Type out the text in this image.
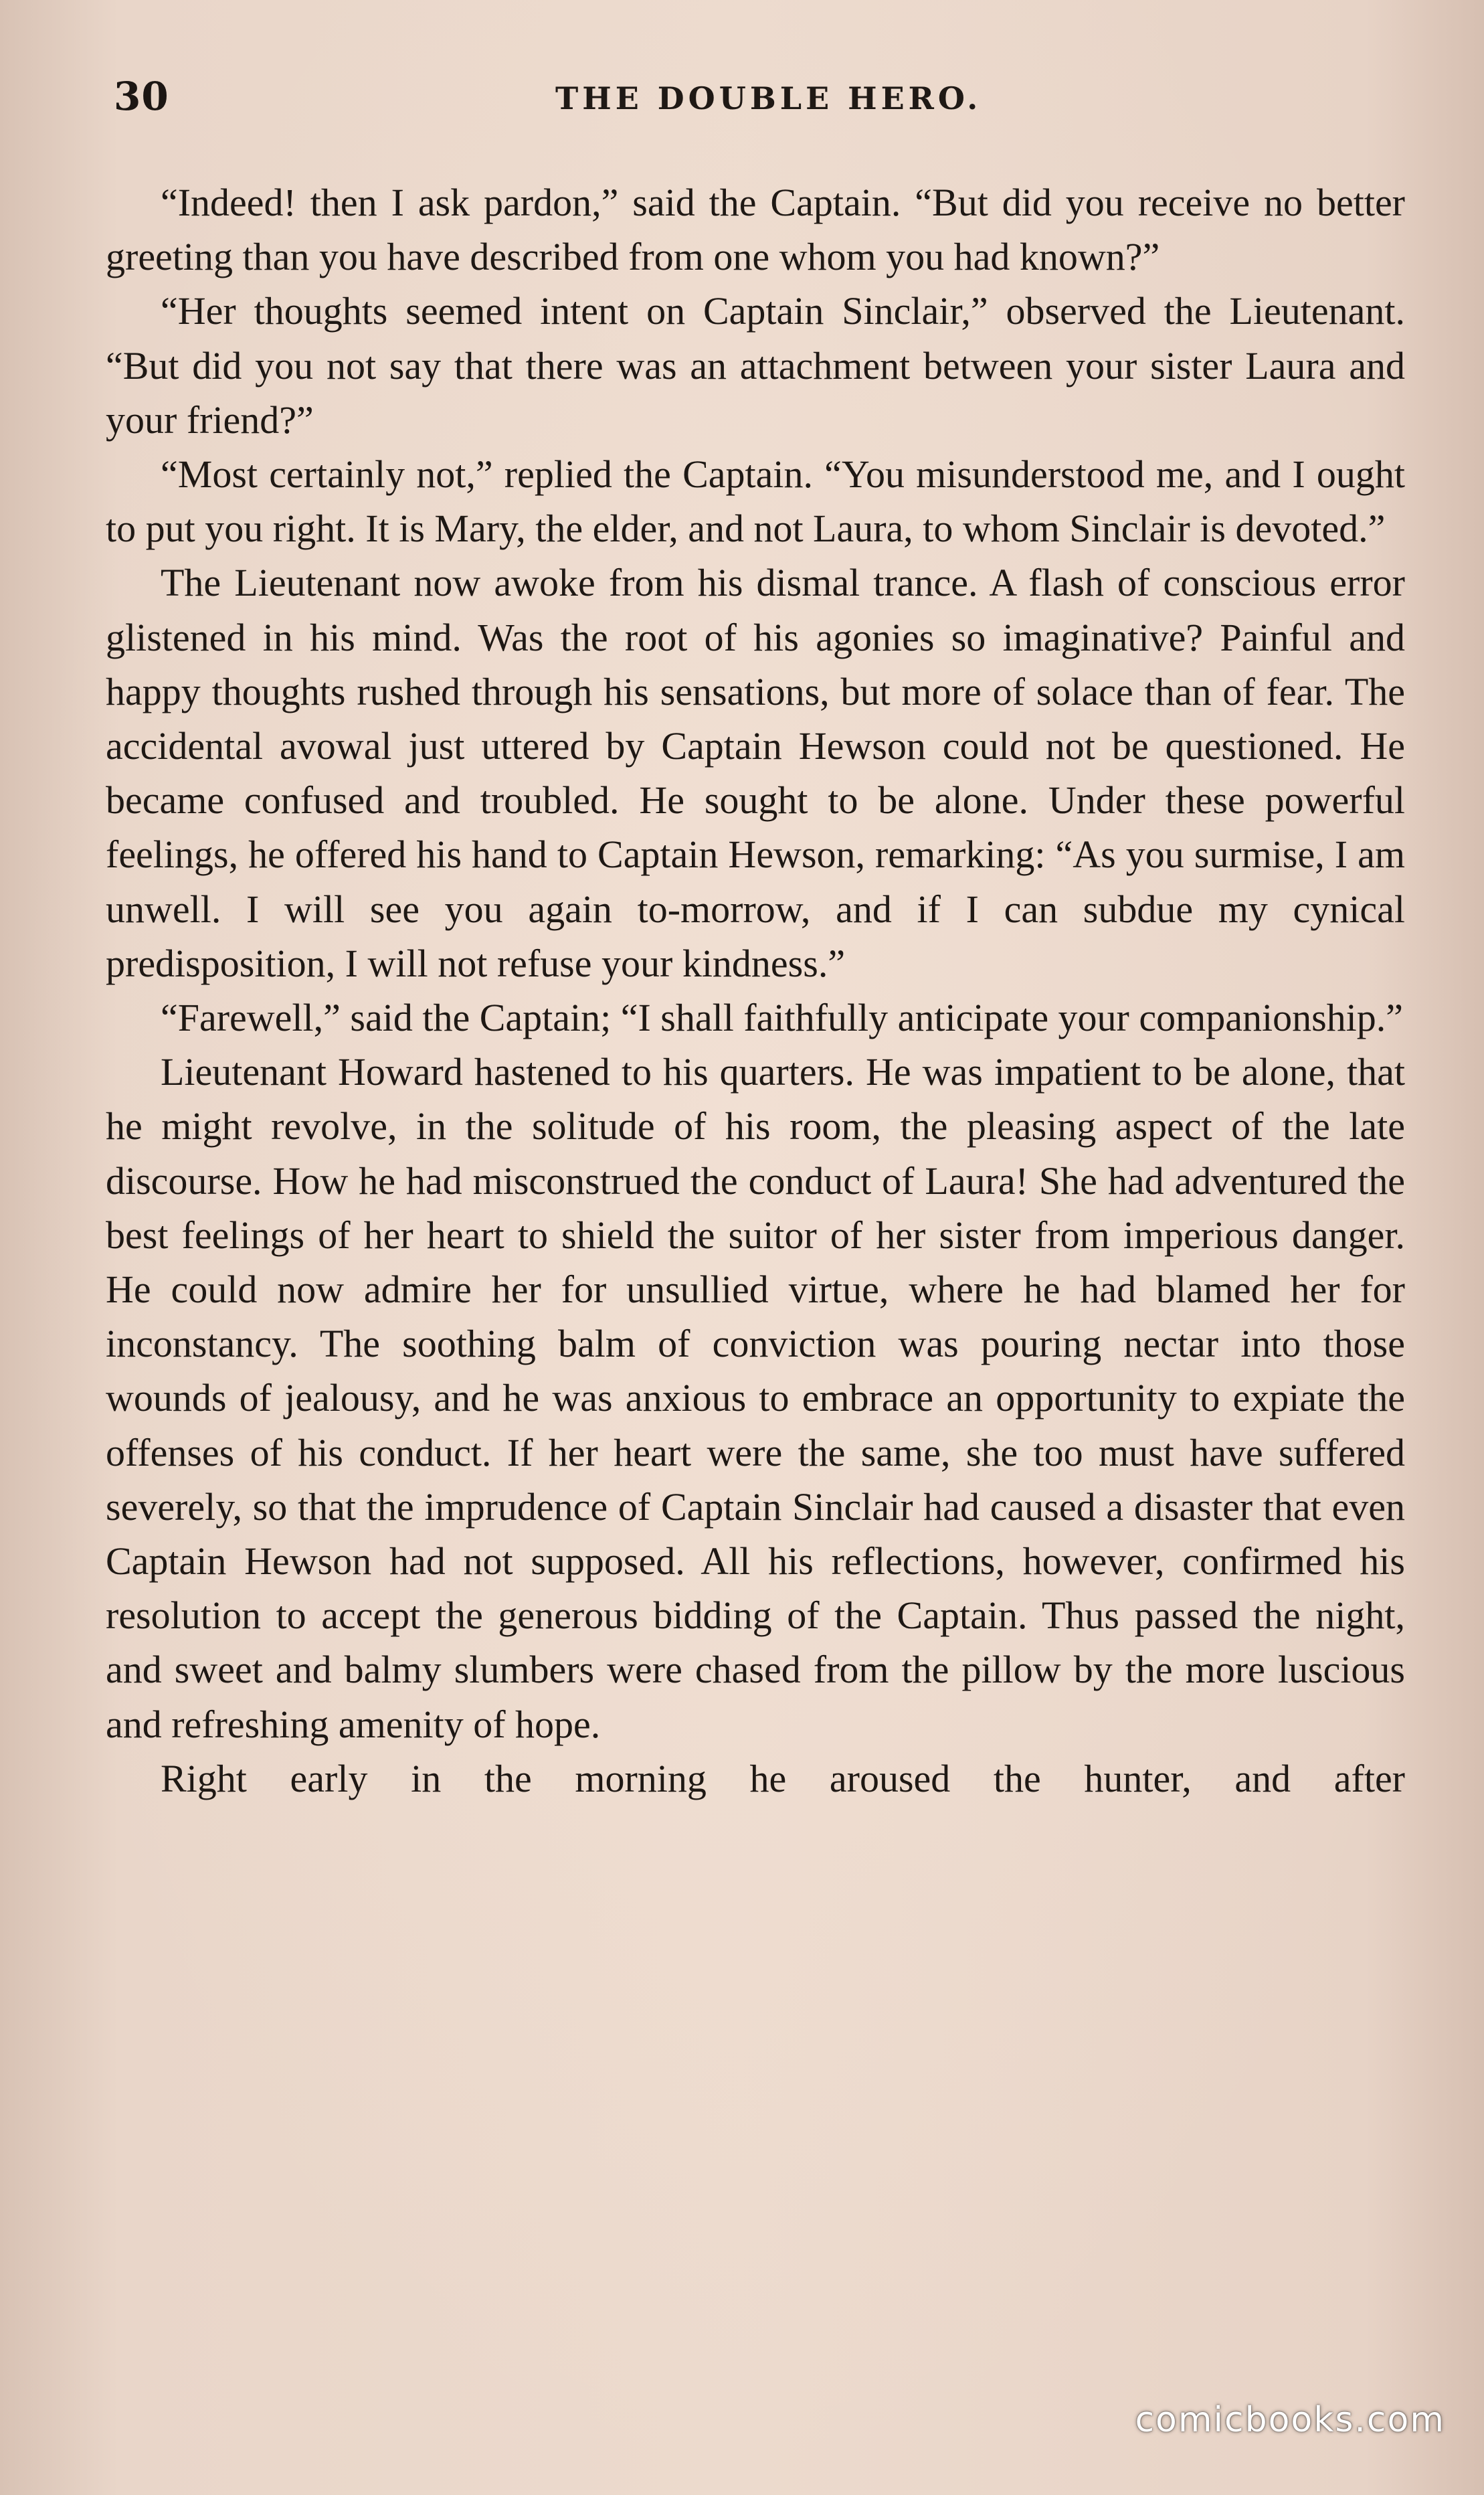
30	THE DOUBLE HERO.

“Indeed! then I ask pardon,” said the Captain. “But did you receive no better greeting than you have described from one whom you had known?”

“Her thoughts seemed intent on Captain Sinclair,” observed the Lieutenant. “But did you not say that there was an attachment between your sister Laura and your friend?”

“Most certainly not,” replied the Captain. “You misunderstood me, and I ought to put you right. It is Mary, the elder, and not Laura, to whom Sinclair is devoted.”

The Lieutenant now awoke from his dismal trance. A flash of conscious error glistened in his mind. Was the root of his agonies so imaginative? Painful and happy thoughts rushed through his sensations, but more of solace than of fear. The accidental avowal just uttered by Captain Hewson could not be questioned. He became confused and troubled. He sought to be alone. Under these powerful feelings, he offered his hand to Captain Hewson, remarking: “As you surmise, I am unwell. I will see you again to-morrow, and if I can subdue my cynical predisposition, I will not refuse your kindness.”

“Farewell,” said the Captain; “I shall faithfully anticipate your companionship.”

Lieutenant Howard hastened to his quarters. He was impatient to be alone, that he might revolve, in the solitude of his room, the pleasing aspect of the late discourse. How he had misconstrued the conduct of Laura! She had adventured the best feelings of her heart to shield the suitor of her sister from imperious danger. He could now admire her for unsullied virtue, where he had blamed her for inconstancy. The soothing balm of conviction was pouring nectar into those wounds of jealousy, and he was anxious to embrace an opportunity to expiate the offenses of his conduct. If her heart were the same, she too must have suffered severely, so that the imprudence of Captain Sinclair had caused a disaster that even Captain Hewson had not supposed. All his reflections, however, confirmed his resolution to accept the generous bidding of the Captain. Thus passed the night, and sweet and balmy slumbers were chased from the pillow by the more luscious and refreshing amenity of hope.

Right early in the morning he aroused the hunter, and after

comicbooks.com
